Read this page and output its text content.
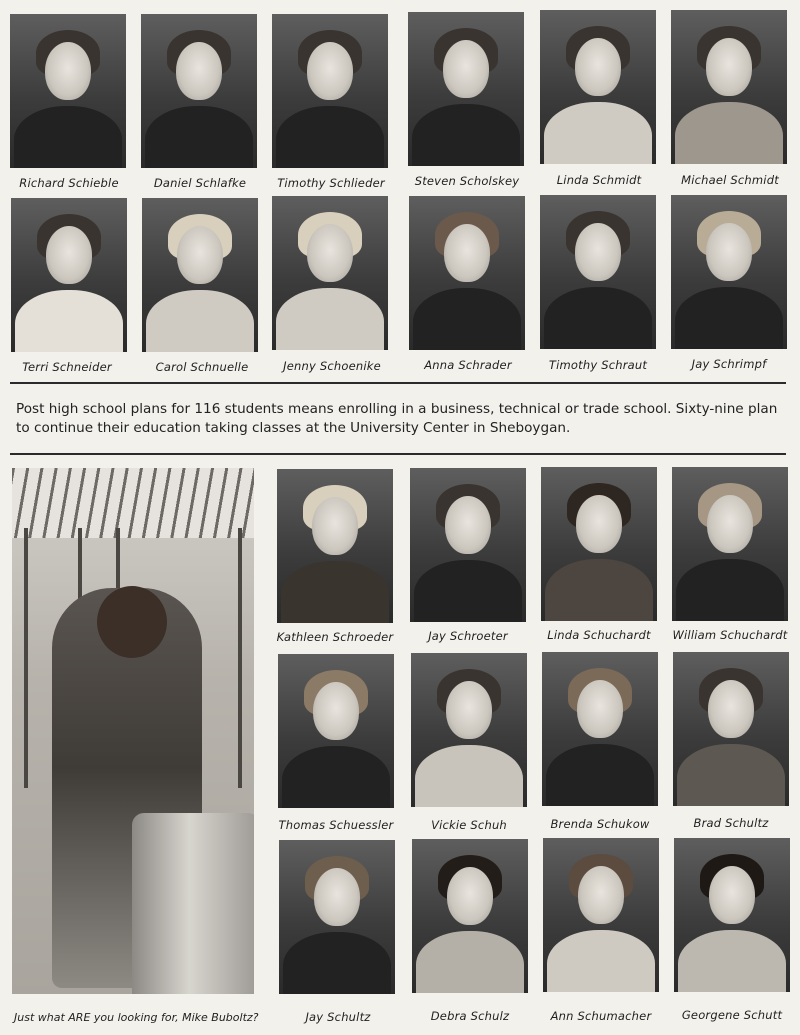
Richard Schieble	Daniel Schlafke	Timothy Schlieder	Steven Scholskey	Linda Schmidt	Michael Schmidt
Terri Schneider	Carol Schnuelle	Jenny Schoenike	Anna Schrader	Timothy Schraut	Jay Schrimpf
Post high school plans for 116 students means enrolling in a business, technical or trade school. Sixty-nine plan to continue their education taking classes at the University Center in Sheboygan.
Just what ARE you looking for, Mike Buboltz?
Kathleen Schroeder	Jay Schroeter	Linda Schuchardt	William Schuchardt
Thomas Schuessler	Vickie Schuh	Brenda Schukow	Brad Schultz
Jay Schultz	Debra Schulz	Ann Schumacher	Georgene Schutt
